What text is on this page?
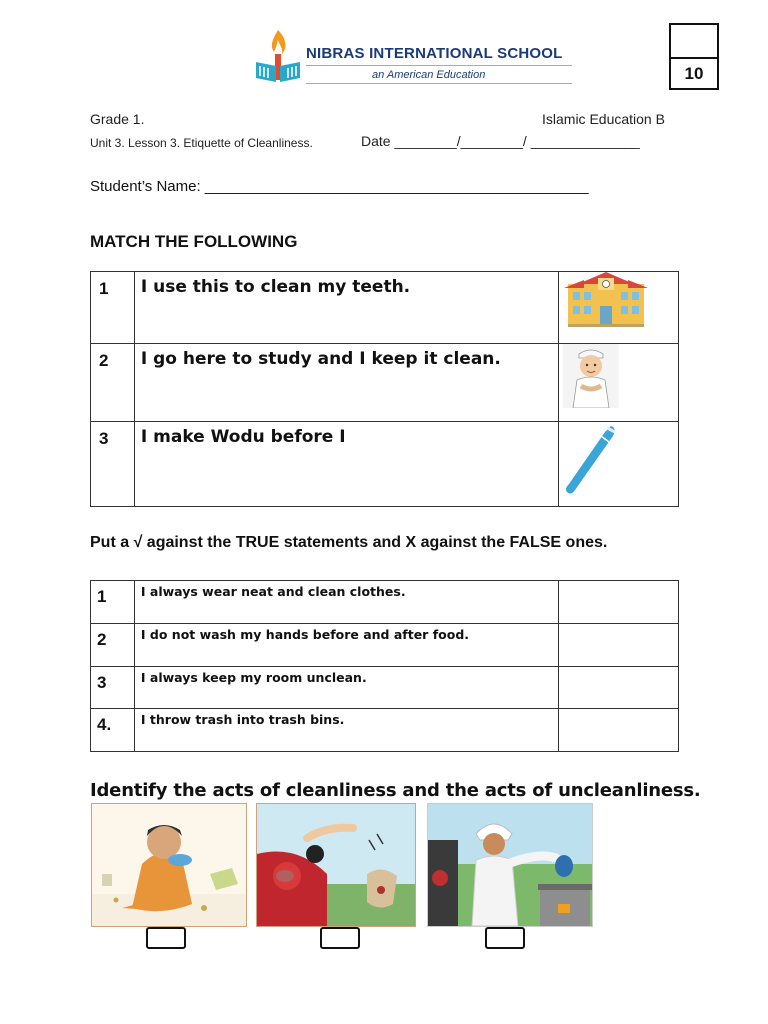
NIBRAS INTERNATIONAL SCHOOL
an American Education	10
Grade 1.	Islamic Education B
Unit 3. Lesson 3. Etiquette of Cleanliness.	Date ________/________/ ______________
Student’s Name: ______________________________________________
MATCH THE FOLLOWING
1	I use this to clean my teeth.	

2	I go here to study and I keep it clean.	

3	I make Wodu before I	
Put a √ against the TRUE statements and X against the FALSE ones.
1	I always wear neat and clean clothes.	
2	I do not wash my hands before and after food.	
3	I always keep my room unclean.	
4.	I throw trash into trash bins.	
Identify the acts of cleanliness and the acts of uncleanliness.
